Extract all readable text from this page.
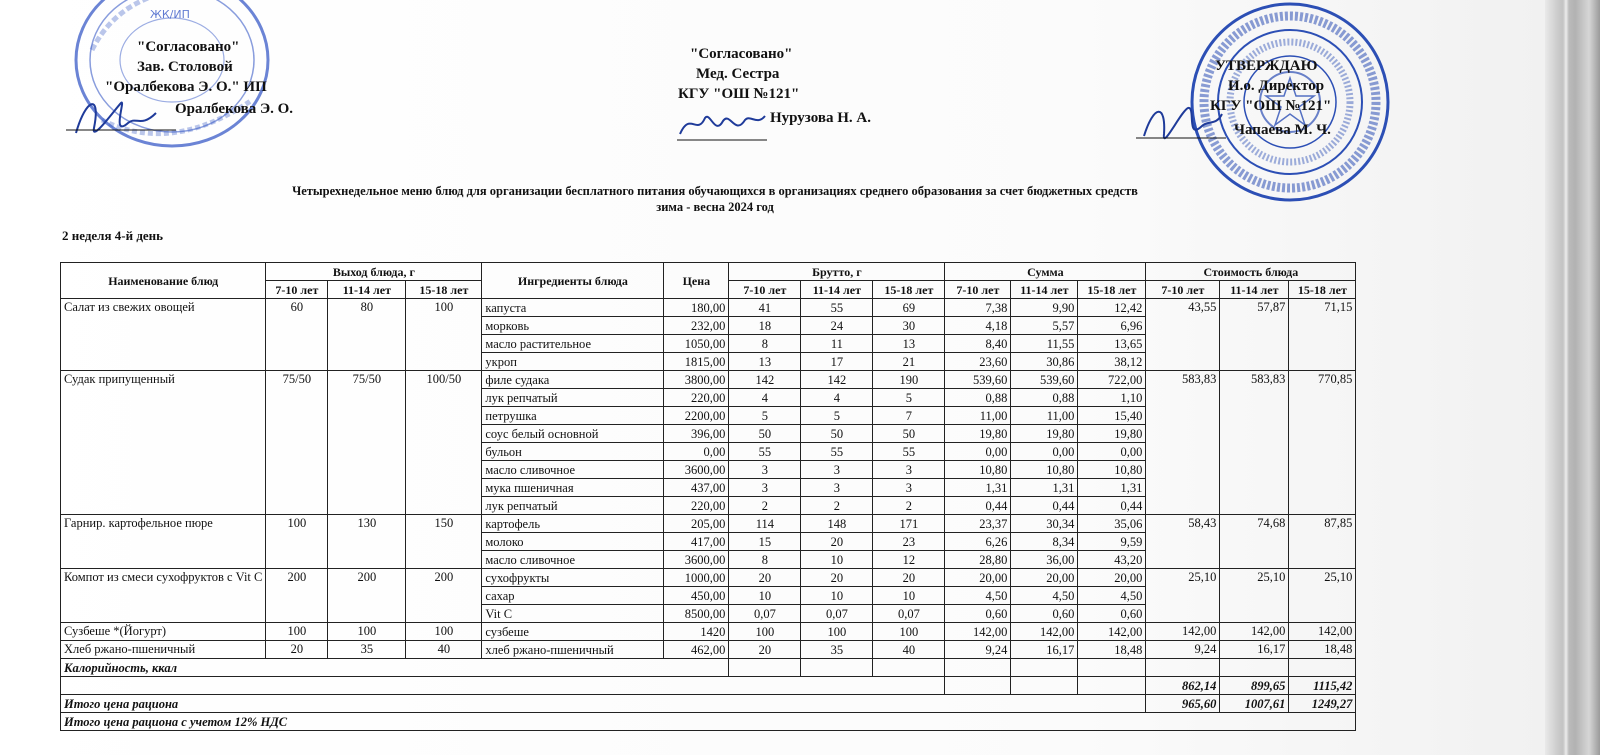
ЖК/ИП
"Согласовано"
Зав. Столовой
"Оралбекова Э. О." ИП
Оралбекова Э. О.
"Согласовано"
Мед. Сестра
КГУ "ОШ №121"
Нурузова Н. А.
УТВЕРЖДАЮ
И.о. Директор
КГУ "ОШ №121"
Чапаева М. Ч.
Четырехнедельное меню блюд для организации бесплатного питания обучающихся в организациях среднего образования за счет бюджетных средств
зима - весна 2024 год
2 неделя 4-й день
Наименование блюд	Выход блюда, г			Ингредиенты блюда	Цена	Брутто, г			Сумма			Стоимость блюда		
	7-10 лет	11-14 лет	15-18 лет			7-10 лет	11-14 лет	15-18 лет	7-10 лет	11-14 лет	15-18 лет	7-10 лет	11-14 лет	15-18 лет
Салат из свежих овощей	60	80	100	капуста	180,00	41	55	69	7,38	9,90	12,42	43,55	57,87	71,15
				морковь	232,00	18	24	30	4,18	5,57	6,96			
				масло растительное	1050,00	8	11	13	8,40	11,55	13,65			
				укроп	1815,00	13	17	21	23,60	30,86	38,12			
Судак припущенный	75/50	75/50	100/50	филе судака	3800,00	142	142	190	539,60	539,60	722,00	583,83	583,83	770,85
				лук репчатый	220,00	4	4	5	0,88	0,88	1,10			
				петрушка	2200,00	5	5	7	11,00	11,00	15,40			
				соус белый основной	396,00	50	50	50	19,80	19,80	19,80			
				бульон	0,00	55	55	55	0,00	0,00	0,00			
				масло сливочное	3600,00	3	3	3	10,80	10,80	10,80			
				мука пшеничная	437,00	3	3	3	1,31	1,31	1,31			
				лук репчатый	220,00	2	2	2	0,44	0,44	0,44			
Гарнир. картофельное пюре	100	130	150	картофель	205,00	114	148	171	23,37	30,34	35,06	58,43	74,68	87,85
				молоко	417,00	15	20	23	6,26	8,34	9,59			
				масло сливочное	3600,00	8	10	12	28,80	36,00	43,20			
Компот из смеси сухофруктов с Vit C	200	200	200	сухофрукты	1000,00	20	20	20	20,00	20,00	20,00	25,10	25,10	25,10
				сахар	450,00	10	10	10	4,50	4,50	4,50			
				Vit C	8500,00	0,07	0,07	0,07	0,60	0,60	0,60			
Сузбеше *(Йогурт)	100	100	100	сузбеше	1420	100	100	100	142,00	142,00	142,00	142,00	142,00	142,00
Хлеб ржано-пшеничный	20	35	40	хлеб ржано-пшеничный	462,00	20	35	40	9,24	16,17	18,48	9,24	16,17	18,48
Калорийность, ккал														
												862,14	899,65	1115,42
Итого цена рациона												965,60	1007,61	1249,27
Итого цена рациона с учетом 12% НДС														
